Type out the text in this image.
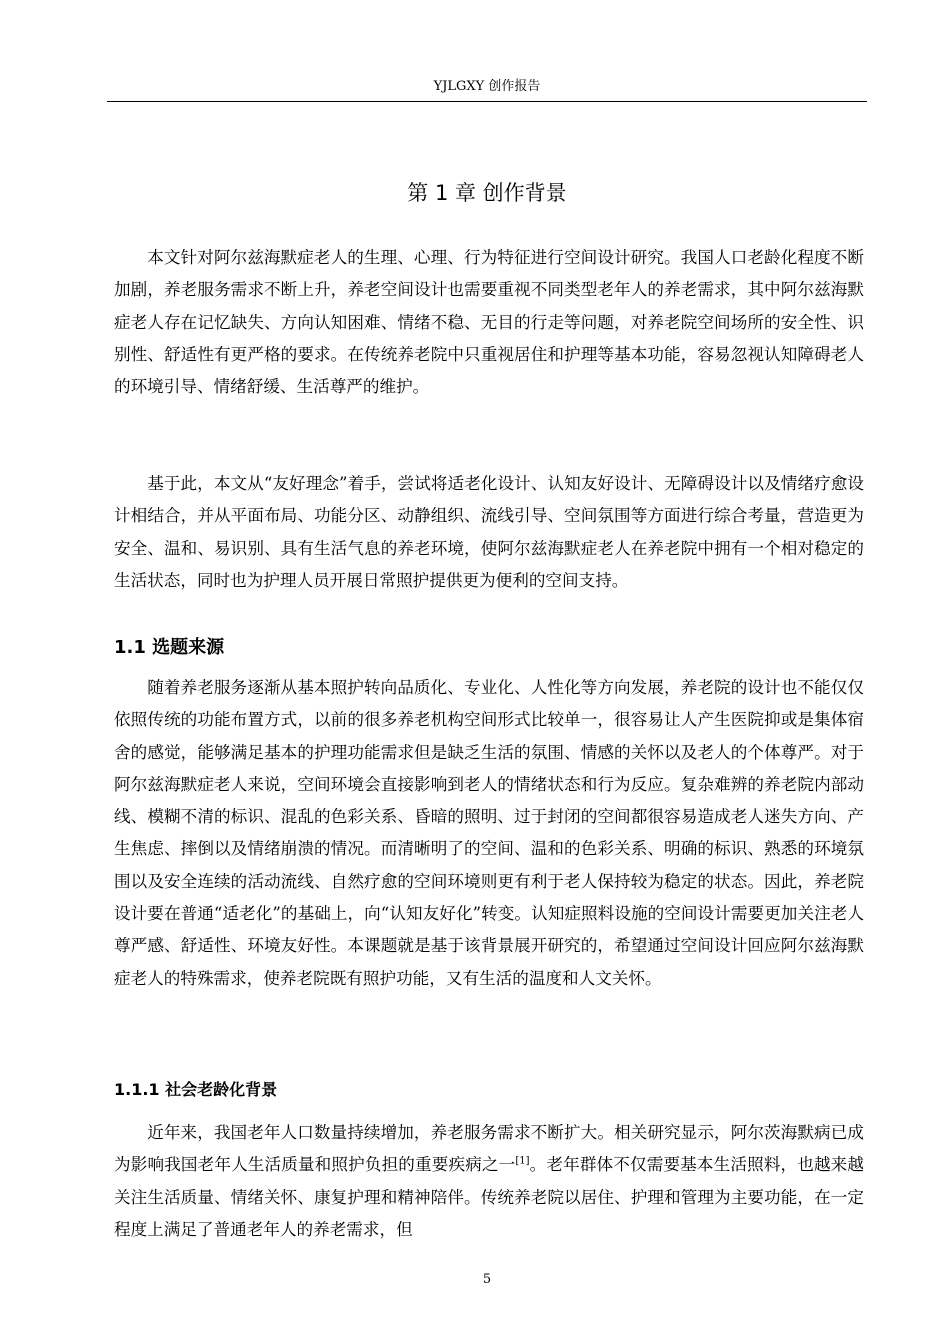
YJLGXY 创作报告
第 1 章 创作背景

本文针对阿尔兹海默症老人的生理、心理、行为特征进行空间设计研究。我国人口老龄化程度不断加剧，养老服务需求不断上升，养老空间设计也需要重视不同类型老年人的养老需求，其中阿尔兹海默症老人存在记忆缺失、方向认知困难、情绪不稳、无目的行走等问题，对养老院空间场所的安全性、识别性、舒适性有更严格的要求。在传统养老院中只重视居住和护理等基本功能，容易忽视认知障碍老人的环境引导、情绪舒缓、生活尊严的维护。

基于此，本文从“友好理念”着手，尝试将适老化设计、认知友好设计、无障碍设计以及情绪疗愈设计相结合，并从平面布局、功能分区、动静组织、流线引导、空间氛围等方面进行综合考量，营造更为安全、温和、易识别、具有生活气息的养老环境，使阿尔兹海默症老人在养老院中拥有一个相对稳定的生活状态，同时也为护理人员开展日常照护提供更为便利的空间支持。

1.1 选题来源

随着养老服务逐渐从基本照护转向品质化、专业化、人性化等方向发展，养老院的设计也不能仅仅依照传统的功能布置方式，以前的很多养老机构空间形式比较单一，很容易让人产生医院抑或是集体宿舍的感觉，能够满足基本的护理功能需求但是缺乏生活的氛围、情感的关怀以及老人的个体尊严。对于阿尔兹海默症老人来说，空间环境会直接影响到老人的情绪状态和行为反应。复杂难辨的养老院内部动线、模糊不清的标识、混乱的色彩关系、昏暗的照明、过于封闭的空间都很容易造成老人迷失方向、产生焦虑、摔倒以及情绪崩溃的情况。而清晰明了的空间、温和的色彩关系、明确的标识、熟悉的环境氛围以及安全连续的活动流线、自然疗愈的空间环境则更有利于老人保持较为稳定的状态。因此，养老院设计要在普通“适老化”的基础上，向“认知友好化”转变。认知症照料设施的空间设计需要更加关注老人尊严感、舒适性、环境友好性。本课题就是基于该背景展开研究的，希望通过空间设计回应阿尔兹海默症老人的特殊需求，使养老院既有照护功能，又有生活的温度和人文关怀。

1.1.1 社会老龄化背景

近年来，我国老年人口数量持续增加，养老服务需求不断扩大。相关研究显示，阿尔茨海默病已成为影响我国老年人生活质量和照护负担的重要疾病之一[1]。老年群体不仅需要基本生活照料，也越来越关注生活质量、情绪关怀、康复护理和精神陪伴。传统养老院以居住、护理和管理为主要功能，在一定程度上满足了普通老年人的养老需求，但

5
